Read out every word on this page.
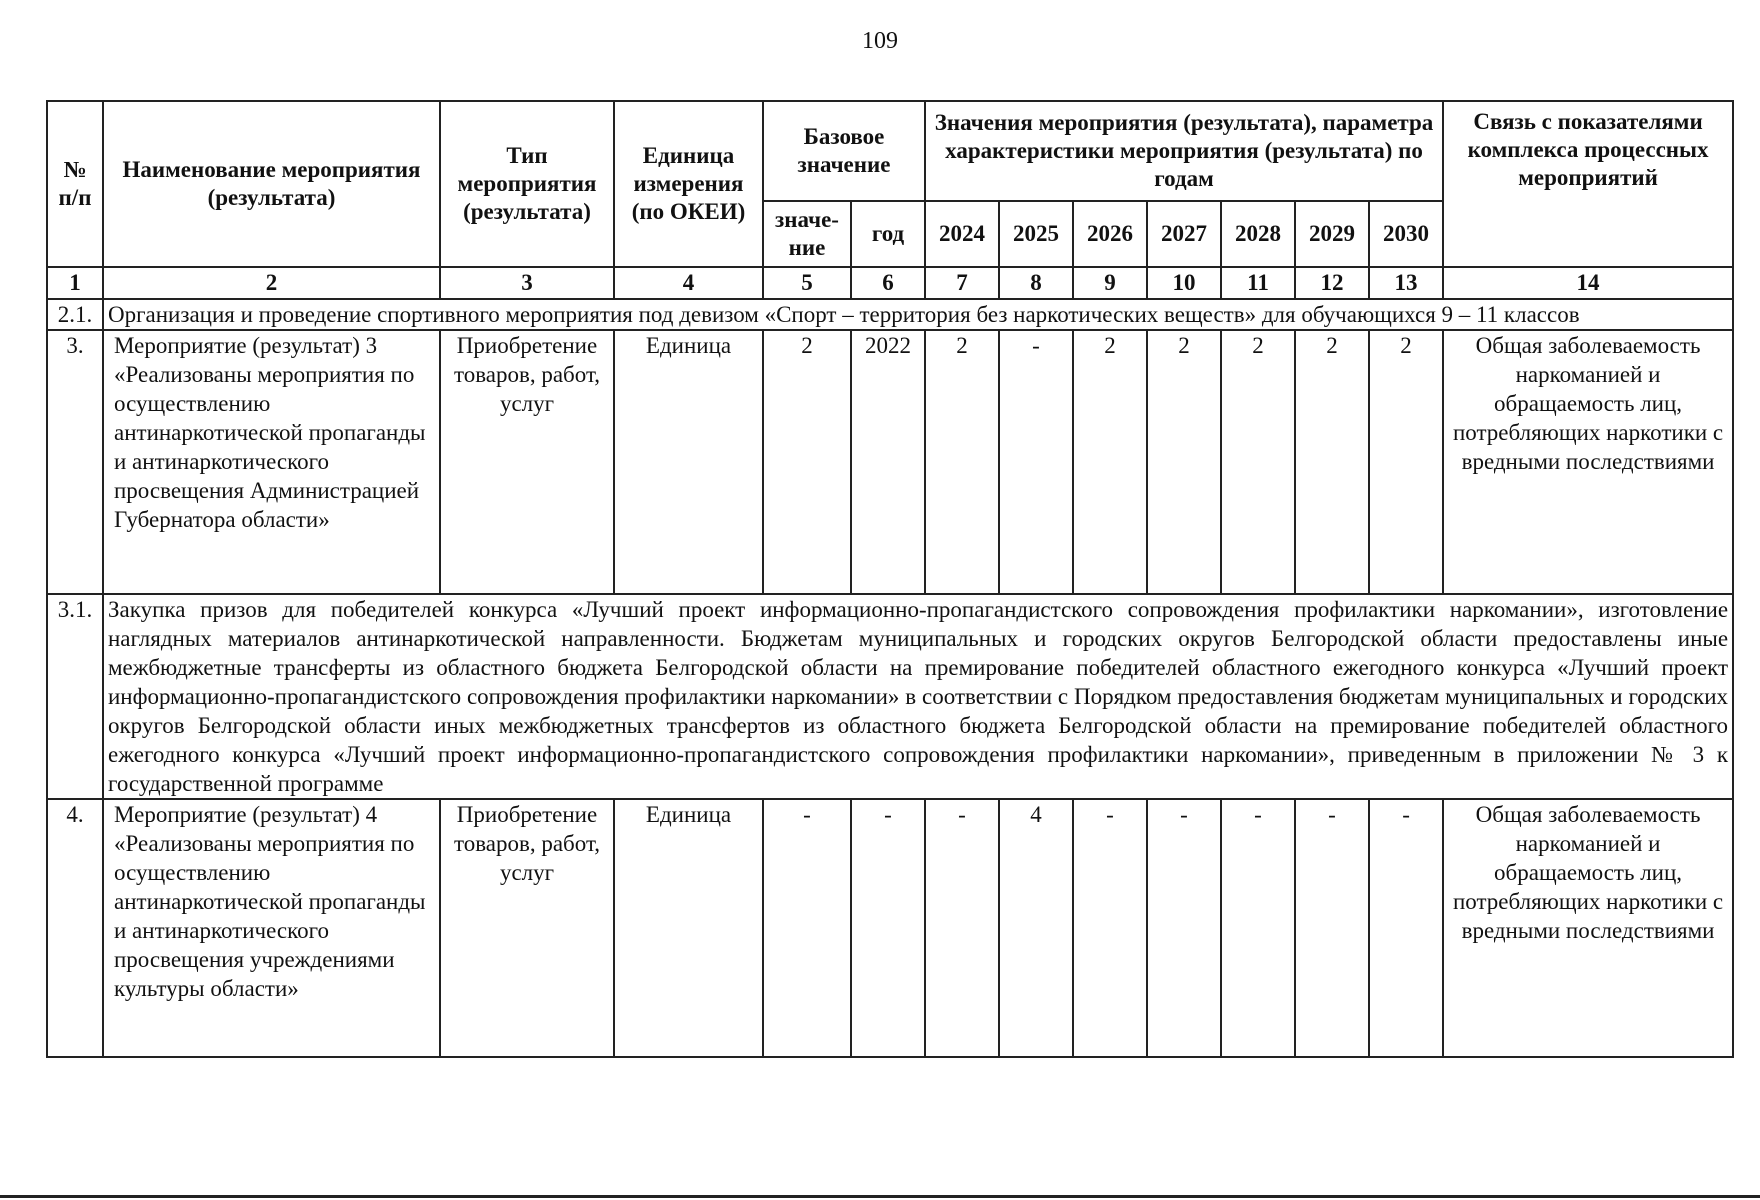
109
№ п/п	Наименование мероприятия (результата)	Тип мероприятия (результата)	Единица измерения (по ОКЕИ)	Базовое значение		Значения мероприятия (результата), параметра характеристики мероприятия (результата) по годам							Связь с показателями комплекса процессных мероприятий
				значе-ние	год	2024	2025	2026	2027	2028	2029	2030	
1	2	3	4	5	6	7	8	9	10	11	12	13	14
2.1.	Организация и проведение спортивного мероприятия под девизом «Спорт – территория без наркотических веществ» для обучающихся 9 – 11 классов												
3.	Мероприятие (результат) 3 «Реализованы мероприятия по осуществлению антинаркотической пропаганды и антинаркотического просвещения Администрацией Губернатора области»	Приобретение товаров, работ, услуг	Единица	2	2022	2	-	2	2	2	2	2	Общая заболеваемость наркоманией и обращаемость лиц, потребляющих наркотики с вредными последствиями
3.1.	Закупка призов для победителей конкурса «Лучший проект информационно-пропагандистского сопровождения профилактики наркомании», изготовление наглядных материалов антинаркотической направленности. Бюджетам муниципальных и городских округов Белгородской области предоставлены иные межбюджетные трансферты из областного бюджета Белгородской области на премирование победителей областного ежегодного конкурса «Лучший проект информационно-пропагандистского сопровождения профилактики наркомании» в соответствии с Порядком предоставления бюджетам муниципальных и городских округов Белгородской области иных межбюджетных трансфертов из областного бюджета Белгородской области на премирование победителей областного ежегодного конкурса «Лучший проект информационно-пропагандистского сопровождения профилактики наркомании», приведенным в приложении № 3 к государственной программе												
4.	Мероприятие (результат) 4 «Реализованы мероприятия по осуществлению антинаркотической пропаганды и антинаркотического просвещения учреждениями культуры области»	Приобретение товаров, работ, услуг	Единица	-	-	-	4	-	-	-	-	-	Общая заболеваемость наркоманией и обращаемость лиц, потребляющих наркотики с вредными последствиями
